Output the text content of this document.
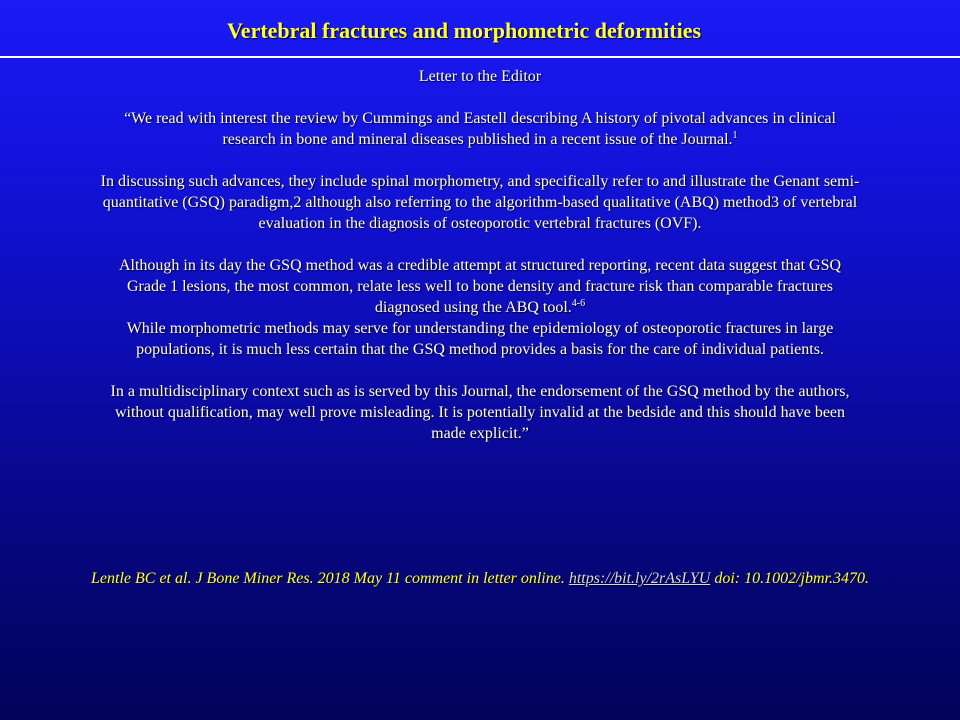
Vertebral fractures and morphometric deformities

Letter to the Editor

“We read with interest the review by Cummings and Eastell describing A history of pivotal advances in clinical research in bone and mineral diseases published in a recent issue of the Journal.$^1$

In discussing such advances, they include spinal morphometry, and specifically refer to and illustrate the Genant semi-quantitative (GSQ) paradigm,2 although also referring to the algorithm-based qualitative (ABQ) method3 of vertebral evaluation in the diagnosis of osteoporotic vertebral fractures (OVF).

Although in its day the GSQ method was a credible attempt at structured reporting, recent data suggest that GSQ Grade 1 lesions, the most common, relate less well to bone density and fracture risk than comparable fractures diagnosed using the ABQ tool.$^{4-6}$

While morphometric methods may serve for understanding the epidemiology of osteoporotic fractures in large populations, it is much less certain that the GSQ method provides a basis for the care of individual patients.

In a multidisciplinary context such as is served by this Journal, the endorsement of the GSQ method by the authors, without qualification, may well prove misleading. It is potentially invalid at the bedside and this should have been made explicit.”

Lentle BC et al. J Bone Miner Res. 2018 May 11 comment in letter online. https://bit.ly/2rAsLYU doi: 10.1002/jbmr.3470.
